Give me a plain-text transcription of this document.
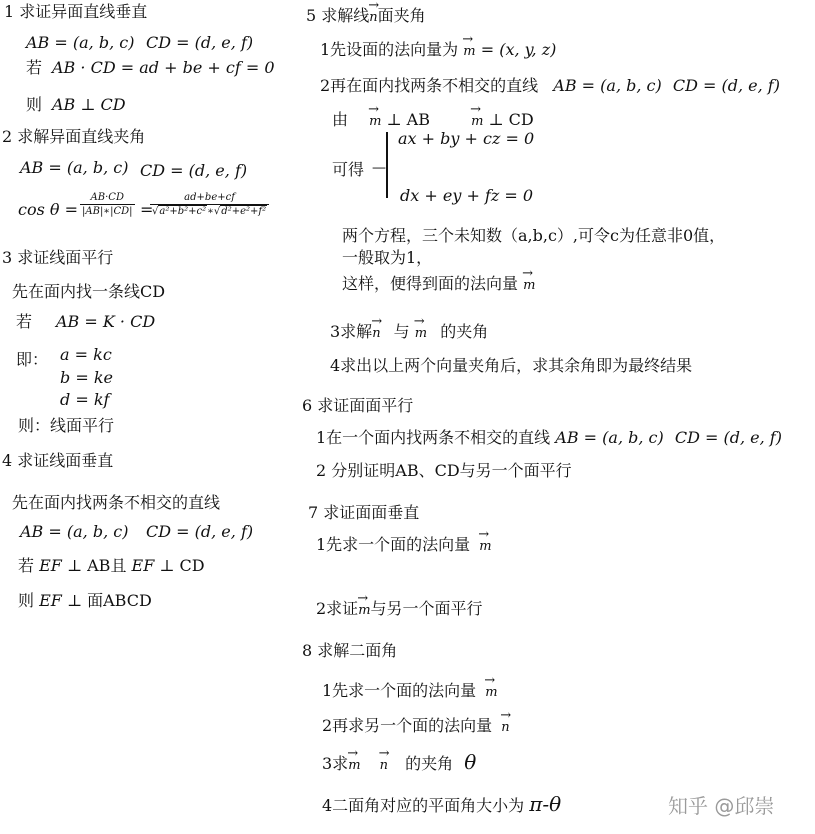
1 求证异面直线垂直
AB = (a, b, c) CD = (d, e, f)
若 AB · CD = ad + be + cf = 0
则 AB ⊥ CD
2 求解异面直线夹角
AB = (a, b, c) CD = (d, e, f)
$\cos \theta = \frac{AB\cdot CD}{|AB|∗|CD|}$ =
$\frac{ad+be+cf}{\text{√a²+b²+c²∗√d²+e²+f²}}$
3 求证线面平行
先在面内找一条线CD
若 AB = K · CD
即： a = kc
b = ke
d = kf
则：线面平行
4 求证线面垂直
先在面内找两条不相交的直线
AB = (a, b, c) CD = (d, e, f)
若 EF ⊥ AB且 EF ⊥ CD
则 EF ⊥ 面ABCD
5 求解线→ n面夹角
1先设面的法向量为 → m = (x, y, z)
2再在面内找两条不相交的直线 AB = (a, b, c) CD = (d, e, f)
由 → m ⊥ AB	→ m ⊥ CD
可得 —
ax + by + cz = 0
dx + ey + fz = 0
两个方程，三个未知数（a,b,c）,可令c为任意非0值，
一般取为1，
这样，便得到面的法向量 → m
3求解→ n 与 → m 的夹角
4求出以上两个向量夹角后，求其余角即为最终结果
6 求证面面平行
1在一个面内找两条不相交的直线 AB = (a, b, c) CD = (d, e, f)
2 分别证明AB、CD与另一个面平行
7 求证面面垂直
1先求一个面的法向量 → m
2求证→ m与另一个面平行
8 求解二面角
1先求一个面的法向量 → m
2再求另一个面的法向量 → n
3求→ m → n 的夹角 θ
4二面角对应的平面角大小为 π-θ	知乎 @邱崇
